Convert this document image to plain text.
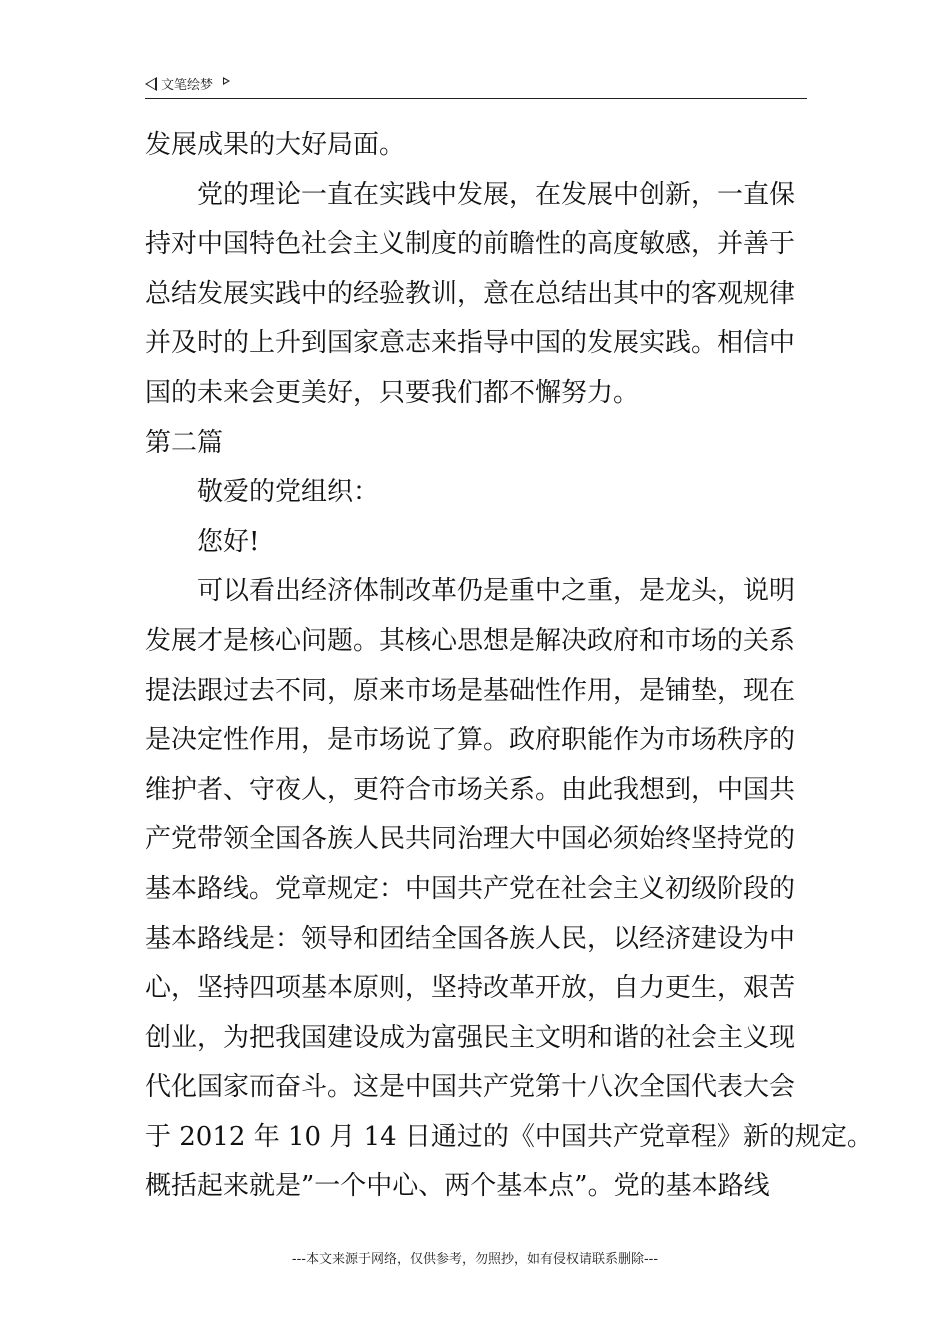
文笔绘梦
发展成果的大好局面。
党的理论一直在实践中发展，在发展中创新，一直保
持对中国特色社会主义制度的前瞻性的高度敏感，并善于
总结发展实践中的经验教训，意在总结出其中的客观规律
并及时的上升到国家意志来指导中国的发展实践。相信中
国的未来会更美好，只要我们都不懈努力。
第二篇
敬爱的党组织：
您好!
可以看出经济体制改革仍是重中之重，是龙头，说明
发展才是核心问题。其核心思想是解决政府和市场的关系
提法跟过去不同，原来市场是基础性作用，是铺垫，现在
是决定性作用，是市场说了算。政府职能作为市场秩序的
维护者、守夜人，更符合市场关系。由此我想到，中国共
产党带领全国各族人民共同治理大中国必须始终坚持党的
基本路线。党章规定：中国共产党在社会主义初级阶段的
基本路线是：领导和团结全国各族人民，以经济建设为中
心，坚持四项基本原则，坚持改革开放，自力更生，艰苦
创业，为把我国建设成为富强民主文明和谐的社会主义现
代化国家而奋斗。这是中国共产党第十八次全国代表大会
于 2012 年 10 月 14 日通过的《中国共产党章程》新的规定。
概括起来就是”一个中心、两个基本点”。党的基本路线
---本文来源于网络，仅供参考，勿照抄，如有侵权请联系删除---
